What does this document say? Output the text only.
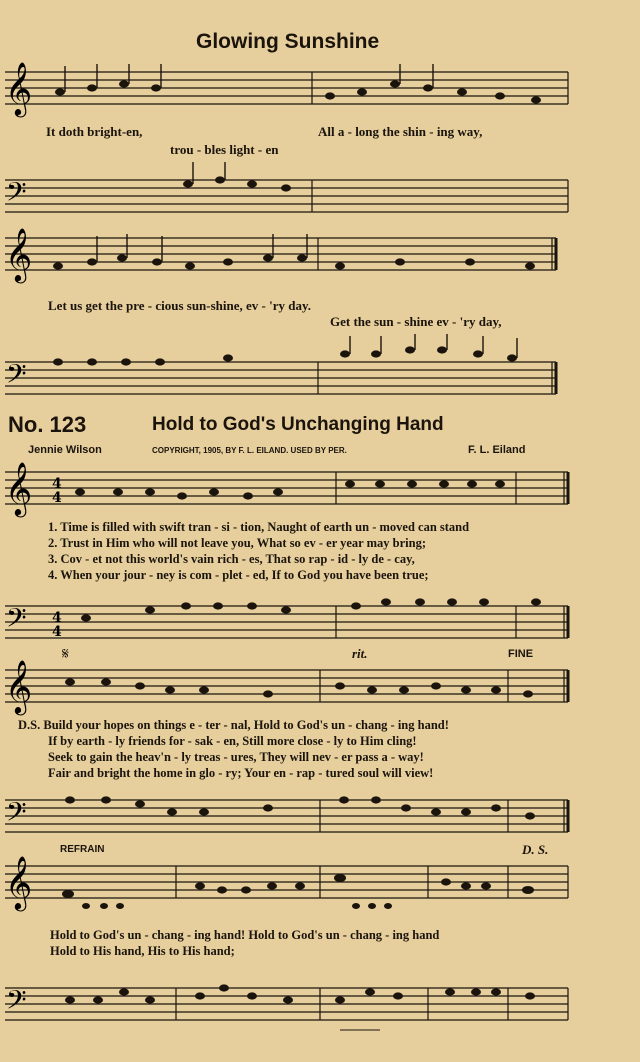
Glowing Sunshine
𝄞
It doth bright-en,	All a - long the shin - ing way,
trou - bles light - en
𝄢
𝄞
Let us get the pre - cious sun-shine, ev - 'ry day.
Get the sun - shine ev - 'ry day,
𝄢
No. 123	Hold to God's Unchanging Hand
Jennie Wilson	COPYRIGHT, 1905, BY F. L. EILAND. USED BY PER.	F. L. Eiland
𝄞 4
4
1. Time is filled with swift tran - si - tion, Naught of earth un - moved can stand
2. Trust in Him who will not leave you, What so ev - er year may bring;
3. Cov - et not this world's vain rich - es, That so rap - id - ly de - cay,
4. When your jour - ney is com - plet - ed, If to God you have been true;
𝄢 4
4
𝄋	rit.	FINE
𝄞
D.S. Build your hopes on things e - ter - nal, Hold to God's un - chang - ing hand!
If by earth - ly friends for - sak - en, Still more close - ly to Him cling!
Seek to gain the heav'n - ly treas - ures, They will nev - er pass a - way!
Fair and bright the home in glo - ry; Your en - rap - tured soul will view!
𝄢
REFRAIN	D. S.
𝄞
Hold to God's un - chang - ing hand! Hold to God's un - chang - ing hand
Hold to His hand, His to His hand;
𝄢
